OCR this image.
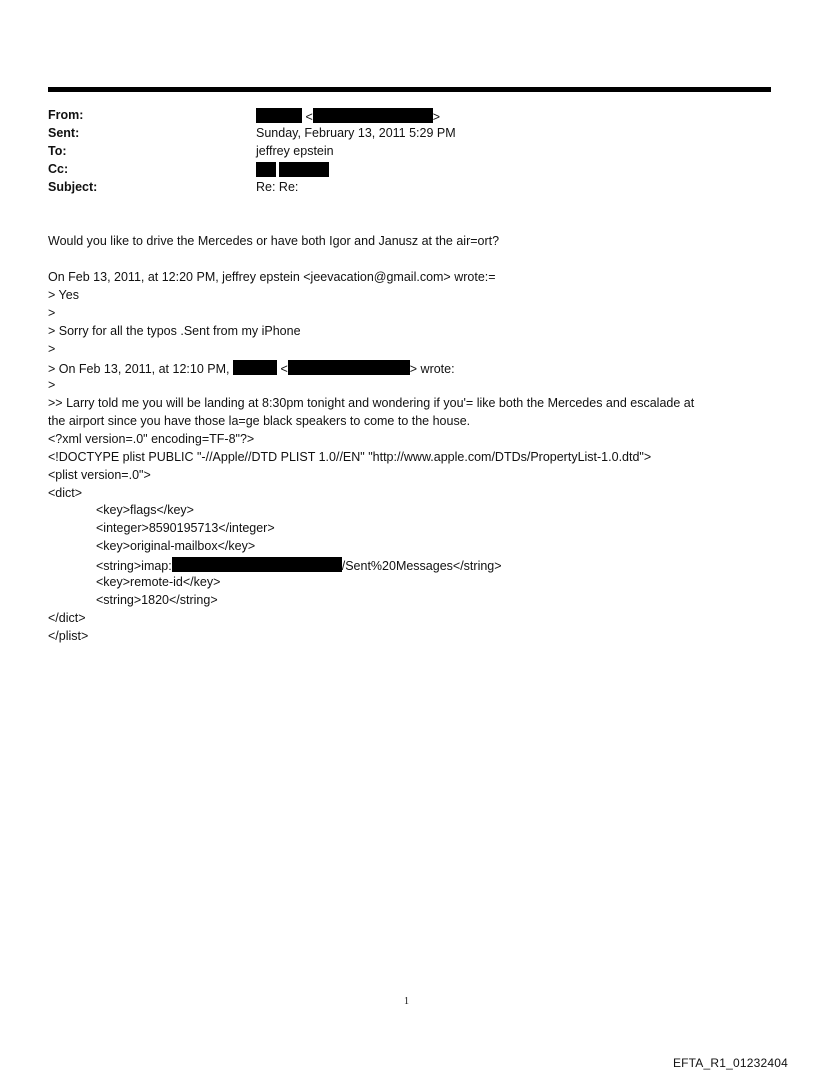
From:	<	>
Sent:	Sunday, February 13, 2011 5:29 PM
To:	jeffrey epstein
Cc:

Subject:	Re: Re:
Would you like to drive the Mercedes or have both Igor and Janusz at the air=ort?
On Feb 13, 2011, at 12:20 PM, jeffrey epstein <jeevacation@gmail.com> wrote:=
> Yes
>
> Sorry for all the typos .Sent from my iPhone
>
> On Feb 13, 2011, at 12:10 PM,	<	> wrote:
>
>> Larry told me you will be landing at 8:30pm tonight and wondering if you'= like both the Mercedes and escalade at
the airport since you have those la=ge black speakers to come to the house.
<?xml version=.0" encoding=TF-8"?>
<!DOCTYPE plist PUBLIC "-//Apple//DTD PLIST 1.0//EN" "http://www.apple.com/DTDs/PropertyList-1.0.dtd">
<plist version=.0">
<dict>
<key>flags</key>
<integer>8590195713</integer>
<key>original-mailbox</key>
<string>imap:	/Sent%20Messages</string>
<key>remote-id</key>
<string>1820</string>
</dict>
</plist>
1
EFTA_R1_01232404
